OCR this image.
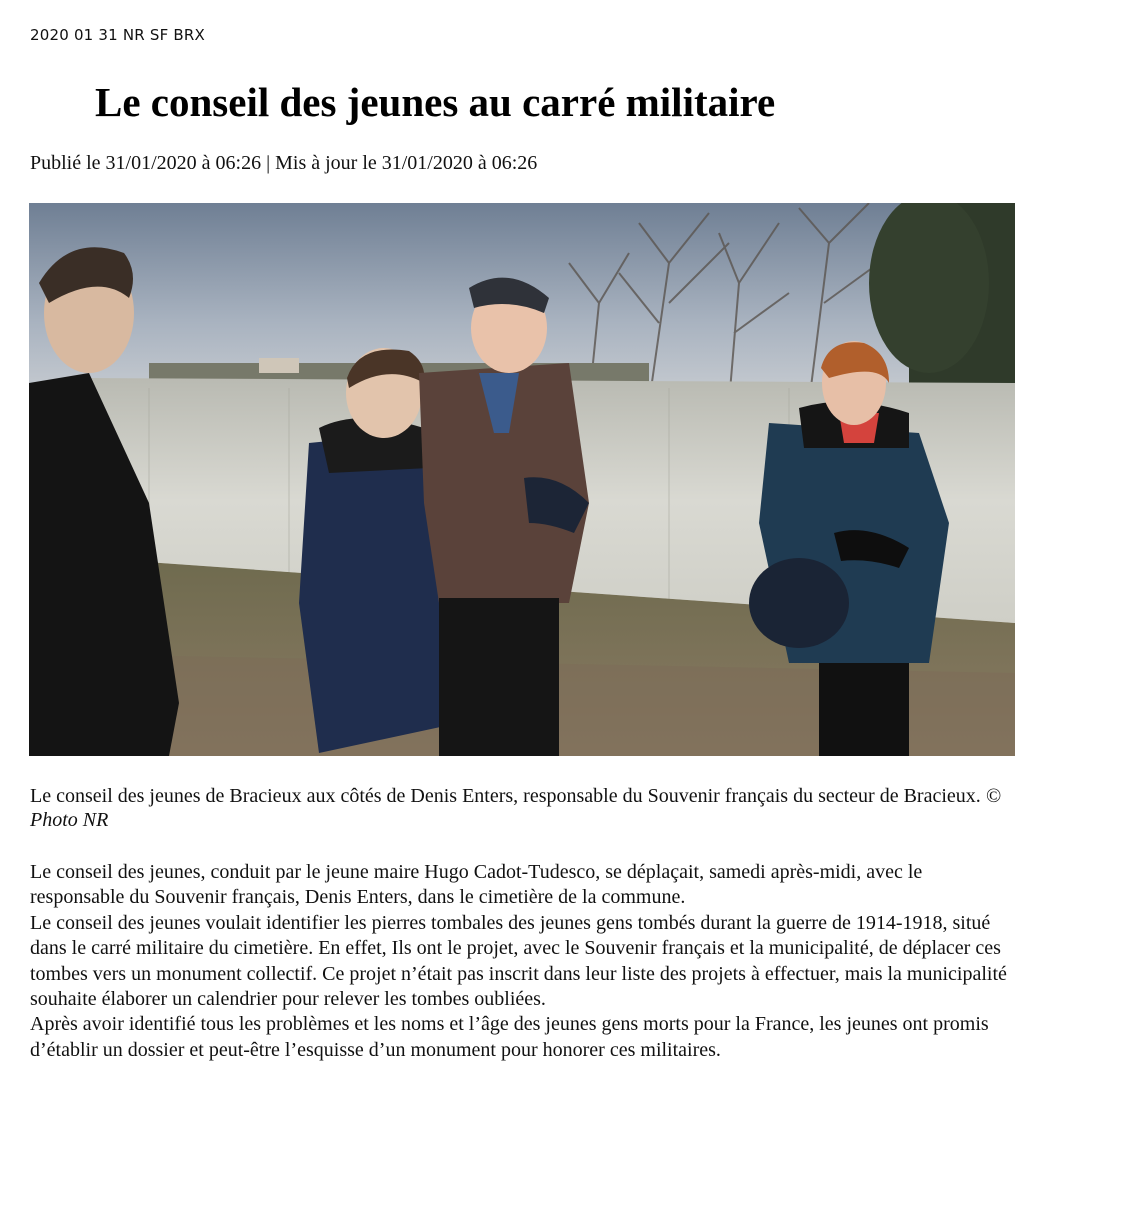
2020 01 31 NR SF BRX
Le conseil des jeunes au carré militaire
Publié le 31/01/2020 à 06:26 | Mis à jour le 31/01/2020 à 06:26
Le conseil des jeunes de Bracieux aux côtés de Denis Enters, responsable du Souvenir français du secteur de Bracieux. © Photo NR

Le conseil des jeunes, conduit par le jeune maire Hugo Cadot-Tudesco, se déplaçait, samedi après-midi, avec le responsable du Souvenir français, Denis Enters, dans le cimetière de la commune.

Le conseil des jeunes voulait identifier les pierres tombales des jeunes gens tombés durant la guerre de 1914-1918, situé dans le carré militaire du cimetière. En effet, Ils ont le projet, avec le Souvenir français et la municipalité, de déplacer ces tombes vers un monument collectif. Ce projet n’était pas inscrit dans leur liste des projets à effectuer, mais la municipalité souhaite élaborer un calendrier pour relever les tombes oubliées.

Après avoir identifié tous les problèmes et les noms et l’âge des jeunes gens morts pour la France, les jeunes ont promis d’établir un dossier et peut-être l’esquisse d’un monument pour honorer ces militaires.
